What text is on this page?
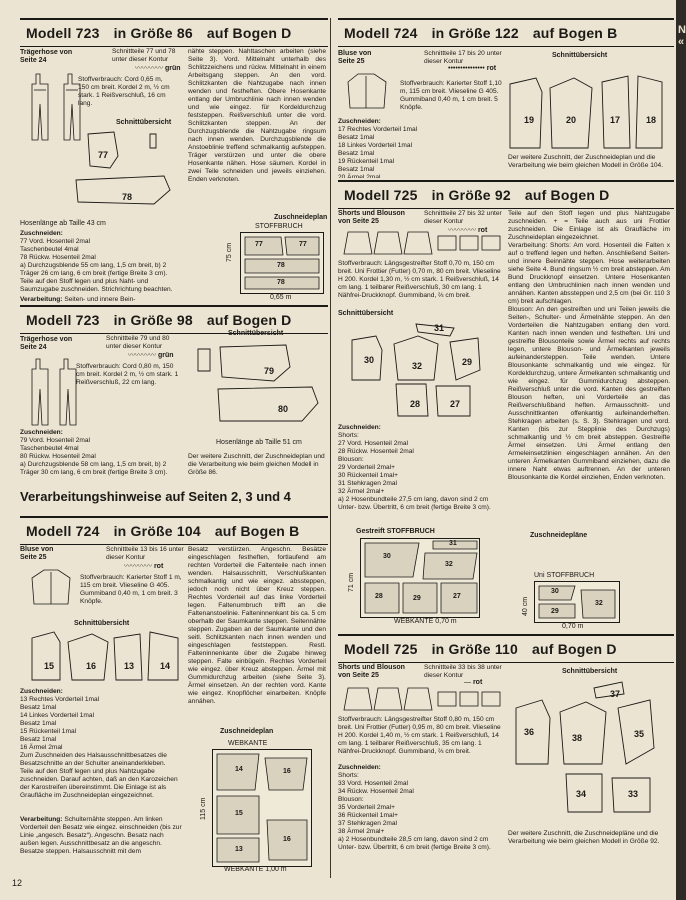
Modell 723 in Größe 86 auf Bogen D
Trägerhose von Seite 24
Schnittteile 77 und 78 unter dieser Kontur
〰〰〰〰 grün
Stoffverbrauch: Cord 0,65 m, 150 cm breit. Kordel 2 m, ½ cm stark. 1 Reißverschluß, 16 cm lang.
Schnittübersicht
77
78
Hosenlänge ab Taille 43 cm
Zuschneiden:
77 Vord. Hosenteil 2mal
Taschenbeutel 4mal
78 Rückw. Hosenteil 2mal
a) Durchzugsblende 55 cm lang, 1,5 cm breit, b) 2 Träger 26 cm lang, 6 cm breit (fertige Breite 3 cm).
Teile auf den Stoff legen und plus Naht- und Saumzugabe zuschneiden. Strichrichtung beachten.
Verarbeitung: Seiten- und innere Bein-
nähte steppen. Nahttaschen arbeiten (siehe Seite 3). Vord. Mittelnaht unterhalb des Schlitzzeichens und rückw. Mittelnaht in einem Arbeitsgang steppen. An den vord. Schlitzkanten die Nahtzugabe nach innen wenden und festheften. Obere Hosenkante entlang der Umbruchlinie nach innen wenden und wie eingez. für Kordeldurchzug feststeppen. Reißverschluß unter die vord. Schlitzkanten steppen. An der Durchzugsblende die Nahtzugabe ringsum nach innen wenden. Durchzugsblende die Anstoeblinie treffend schmalkantig aufsteppen. Träger verstürzen und unter die obere Hosenkante nähen. Hose säumen. Kordel in zwei Teile schneiden und jeweils einziehen. Enden verknoten.
Zuschneideplan
STOFFBRUCH
77
78
77
78
75 cm
0,65 m
Modell 723 in Größe 98 auf Bogen D
Trägerhose von Seite 24
Schnittteile 79 und 80 unter dieser Kontur
〰〰〰〰 grün
Stoffverbrauch: Cord 0,80 m, 150 cm breit. Kordel 2 m, ½ cm stark. 1 Reißverschluß, 22 cm lang.
Zuschneiden:
79 Vord. Hosenteil 2mal
Taschenbeutel 4mal
80 Rückw. Hosenteil 2mal
a) Durchzugsblende 58 cm lang, 1,5 cm breit, b) 2 Träger 30 cm lang, 6 cm breit (fertige Breite 3 cm).
Schnittübersicht
79
80
Hosenlänge ab Taille 51 cm
Der weitere Zuschnitt, der Zuschneideplan und die Verarbeitung wie beim gleichen Modell in Größe 86.
Verarbeitungshinweise auf Seiten 2, 3 und 4
Modell 724 in Größe 104 auf Bogen B
Bluse von Seite 25
Schnittteile 13 bis 16 unter dieser Kontur
〰〰〰〰 rot
Stoffverbrauch: Karierter Stoff 1 m, 115 cm breit. Vlieseline G 405. Gummiband 0,40 m, 1 cm breit. 3 Knöpfe.
Schnittübersicht
15	16	13	14
Zuschneiden:
13 Rechtes Vorderteil 1mal
Besatz 1mal
14 Linkes Vorderteil 1mal
Besatz 1mal
15 Rückenteil 1mal
Besatz 1mal
16 Ärmel 2mal
Zum Zuschneiden des Halsausschnittbesatzes die Besatzschnitte an der Schulter aneinanderkleben.
Teile auf den Stoff legen und plus Nahtzugabe zuschneiden. Darauf achten, daß an den Karozeichen der Karostreifen übereinstimmt. Die Einlage ist als Graufläche im Zuschneideplan eingezeichnet.
Verarbeitung: Schulternähte steppen. Am linken Vorderteil den Besatz wie eingez. einschneiden (bis zur Linie „angesch. Besatz“). Angeschn. Besatz nach außen legen. Ausschnittbesatz an die angeschn. Besatze steppen. Halsausschnitt mit dem
Besatz verstürzen. Angeschn. Besätze eingeschlagen festheften, fortlaufend am rechten Vorderteil die Faltenteile nach innen wenden. Halsausschnitt, Verschlußkanten schmalkantig und wie eingez. abssteppen, jedoch noch nicht über Kreuz steppen. Rechtes Vorderteil auf das linke Vorderteil legen. Faltenumbruch trifft an die Faltenanstoelinie. Falteninnenkant bis ca. 5 cm oberhalb der Saumkante steppen. Seitennähte steppen. Zugaben an der Saumkante und den seitl. Schlitzkanten nach innen wenden und eingeschlagen feststeppen. Restl. Falteninnenkante über die Zugabe hinweg steppen. Falte einbügeln. Rechtes Vorderteil wie eingez. über Kreuz absteppen. Ärmel mit Gummidurchzug arbeiten (siehe Seite 3). Ärmel einsetzen. An der rechten vord. Kante wie eingez. Knopflöcher einarbeiten. Knöpfe annähen.
Zuschneideplan
WEBKANTE
14	16
15
13
16
115 cm
WEBKANTE 1,00 m
Modell 724 in Größe 122 auf Bogen B
Bluse von Seite 25
Schnittteile 17 bis 20 unter dieser Kontur
••••••••••••••• rot
Stoffverbrauch: Karierter Stoff 1,10 m, 115 cm breit. Vlieseline G 405. Gummiband 0,40 m, 1 cm breit. 5 Knöpfe.
Zuschneiden:
17 Rechtes Vorderteil 1mal
Besatz 1mal
18 Linkes Vorderteil 1mal
Besatz 1mal
19 Rückenteil 1mal
Besatz 1mal
20 Ärmel 2mal
Schnittübersicht
19	20	17	18
Der weitere Zuschnitt, der Zuschneideplan und die Verarbeitung wie beim gleichen Modell in Größe 104.
Modell 725 in Größe 92 auf Bogen D
Shorts und Blouson von Seite 25
Schnittteile 27 bis 32 unter dieser Kontur
〰〰〰〰 rot
Stoffverbrauch: Längsgestreifter Stoff 0,70 m, 150 cm breit. Uni Frottier (Futter) 0,70 m, 80 cm breit. Vlieseline H 200. Kordel 1,30 m, ½ cm stark. 1 Reißverschluß, 14 cm lang. 1 teilbarer Reißverschluß, 30 cm lang. 1 Nähfrei-Druckknopf. Gummiband, ⅔ cm breit.
Schnittübersicht
31
30
32	29
28	27
Zuschneiden:
Shorts:
27 Vord. Hosenteil 2mal
28 Rückw. Hosenteil 2mal
Blouson:
29 Vorderteil 2mal+
30 Rückenteil 1mal+
31 Stehkragen 2mal
32 Ärmel 2mal+
a) 2 Hosenbundteile 27,5 cm lang, davon sind 2 cm Unter- bzw. Übertritt, 6 cm breit (fertige Breite 3 cm).
Teile auf den Stoff legen und plus Nahtzugabe zuschneiden. + = Teile auch aus uni Frottier zuschneiden. Die Einlage ist als Graufläche im Zuschneideplan eingezeichnet.
Verarbeitung: Shorts: Am vord. Hosenteil die Falten x auf o treffend legen und heften. Anschließend Seiten- und innere Beinnähte steppen. Hose weiterarbeiten siehe Seite 4. Bund ringsum ½ cm breit absteppen. Am Bund Druckknopf einsetzen. Untere Hosenkanten entlang den Umbruchlinien nach innen wenden und annähen. Kanten abssteppen und 2,5 cm (bei Gr. 110 3 cm) breit aufschlagen.
Blouson: An den gestreiften und uni Teilen jeweils die Seiten-, Schulter- und Ärmelnähte steppen. An den Vorderteilen die Nahtzugaben entlang den vord. Kanten nach innen wenden und festheften. Uni und gestreifte Blousonteile sowie Ärmel rechts auf rechts legen, untere Blouson- und Ärmelkanten jeweils aufeinandersteppen. Teile wenden. Untere Blousonkante schmalkantig und wie eingez. für Kordeldurchzug, untere Ärmelkanten schmalkantig und wie eingez. für Gummidurchzug absteppen. Reißverschluß unter die vord. Kanten des gestreiften Blouson heften, uni Vorderteile an das Reißverschlußband heften. Armausschnitt- und Ausschnittkanten offenkantig aufeinanderheften. Stehkragen arbeiten (s. S. 3). Stehkragen und vord. Kanten (bis zur Stepplinie des Durchzugs) schmalkantig und ½ cm breit absteppen. Gestreifte Ärmel einsetzen. Uni Ärmel entlang den Armeleinsetzlinien eingeschlagen annähen. An den unteren Ärmelkanten Gummiband einziehen, dazu die innere Naht etwas auftrennen. An der unteren Blousonkante die Kordel einziehen, Enden verknoten.
Gestreift STOFFBRUCH
31
30
28
32
29	27
71 cm
WEBKANTE 0,70 m
Zuschneidepläne
Uni STOFFBRUCH
30
32
29
40 cm
0,70 m
Modell 725 in Größe 110 auf Bogen D
Shorts und Blouson von Seite 25
Schnittteile 33 bis 38 unter dieser Kontur
— rot
Stoffverbrauch: Längsgestreifter Stoff 0,80 m, 150 cm breit. Uni Frottier (Futter) 0,95 m, 80 cm breit. Vlieseline H 200. Kordel 1,40 m, ½ cm stark. 1 Reißverschluß, 14 cm lang. 1 teilbarer Reißverschluß, 35 cm lang. 1 Nähfrei-Druckknopf. Gummiband, ⅔ cm breit.
Zuschneiden:
Shorts:
33 Vord. Hosenteil 2mal
34 Rückw. Hosenteil 2mal
Blouson:
35 Vorderteil 2mal+
36 Rückenteil 1mal+
37 Stehkragen 2mal
38 Ärmel 2mal+
a) 2 Hosenbundteile 28,5 cm lang, davon sind 2 cm Unter- bzw. Übertritt, 6 cm breit (fertige Breite 3 cm).
Schnittübersicht
37
36
38	35
34	33
Der weitere Zuschnitt, die Zuschneidepläne und die Verarbeitung wie beim gleichen Modell in Größe 92.
12
N
«
